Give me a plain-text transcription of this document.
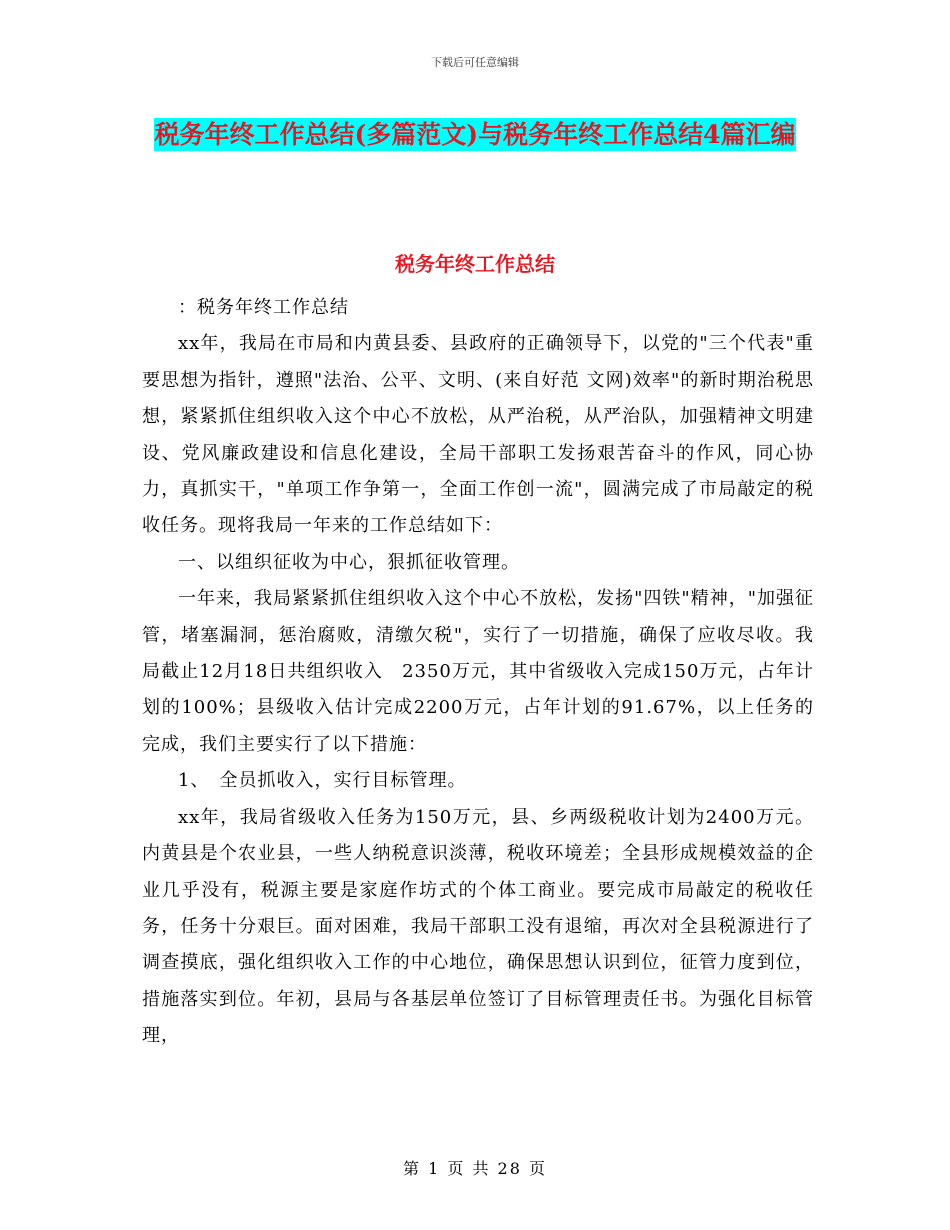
下载后可任意编辑
税务年终工作总结(多篇范文)与税务年终工作总结4篇汇编
税务年终工作总结

：税务年终工作总结

xx年，我局在市局和内黄县委、县政府的正确领导下，以党的"三个代表"重要思想为指针，遵照"法治、公平、文明、(来自好范 文网)效率"的新时期治税思想，紧紧抓住组织收入这个中心不放松，从严治税，从严治队，加强精神文明建设、党风廉政建设和信息化建设，全局干部职工发扬艰苦奋斗的作风，同心协力，真抓实干，"单项工作争第一，全面工作创一流"，圆满完成了市局敲定的税收任务。现将我局一年来的工作总结如下：

一、以组织征收为中心，狠抓征收管理。

一年来，我局紧紧抓住组织收入这个中心不放松，发扬"四铁"精神，"加强征管，堵塞漏洞，惩治腐败，清缴欠税"，实行了一切措施，确保了应收尽收。我局截止12月18日共组织收入　2350万元，其中省级收入完成150万元，占年计划的100%；县级收入估计完成2200万元，占年计划的91.67%，以上任务的完成，我们主要实行了以下措施：

1、　全员抓收入，实行目标管理。

xx年，我局省级收入任务为150万元，县、乡两级税收计划为2400万元。内黄县是个农业县，一些人纳税意识淡薄，税收环境差；全县形成规模效益的企业几乎没有，税源主要是家庭作坊式的个体工商业。要完成市局敲定的税收任务，任务十分艰巨。面对困难，我局干部职工没有退缩，再次对全县税源进行了调查摸底，强化组织收入工作的中心地位，确保思想认识到位，征管力度到位，措施落实到位。年初，县局与各基层单位签订了目标管理责任书。为强化目标管理，

第 1 页 共 28 页
